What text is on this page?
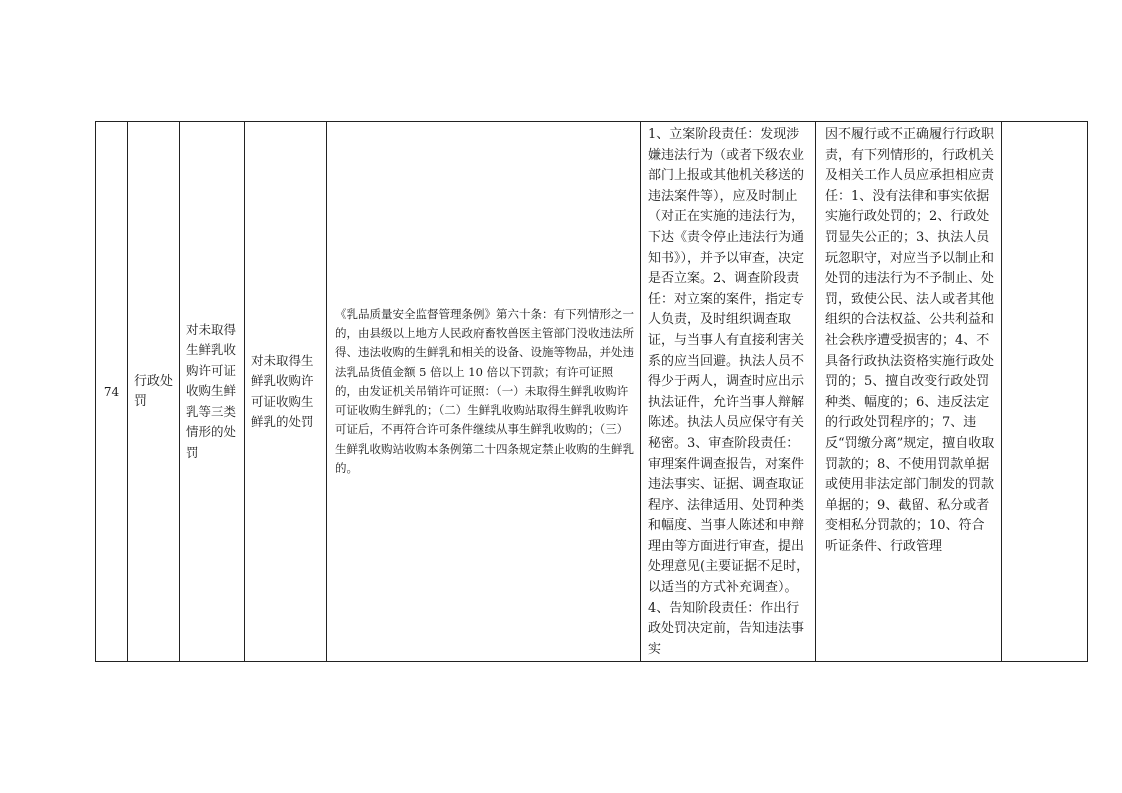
74

行政处罚

对未取得生鲜乳收购许可证收购生鲜乳等三类情形的处罚

对未取得生鲜乳收购许可证收购生鲜乳的处罚

《乳品质量安全监督管理条例》第六十条：有下列情形之一的，由县级以上地方人民政府畜牧兽医主管部门没收违法所得、违法收购的生鲜乳和相关的设备、设施等物品，并处违法乳品货值金额 5 倍以上 10 倍以下罚款；有许可证照的，由发证机关吊销许可证照：（一）未取得生鲜乳收购许可证收购生鲜乳的；（二）生鲜乳收购站取得生鲜乳收购许可证后，不再符合许可条件继续从事生鲜乳收购的；（三）生鲜乳收购站收购本条例第二十四条规定禁止收购的生鲜乳的。

1、立案阶段责任：发现涉嫌违法行为（或者下级农业部门上报或其他机关移送的违法案件等），应及时制止（对正在实施的违法行为，下达《责令停止违法行为通知书》），并予以审查，决定是否立案。2、调查阶段责任：对立案的案件，指定专人负责，及时组织调查取证，与当事人有直接利害关系的应当回避。执法人员不得少于两人，调查时应出示执法证件，允许当事人辩解陈述。执法人员应保守有关秘密。3、审查阶段责任：审理案件调查报告，对案件违法事实、证据、调查取证程序、法律适用、处罚种类和幅度、当事人陈述和申辩理由等方面进行审查，提出处理意见(主要证据不足时，以适当的方式补充调查）。4、告知阶段责任：作出行政处罚决定前，告知违法事实

因不履行或不正确履行行政职责，有下列情形的，行政机关及相关工作人员应承担相应责任：1、没有法律和事实依据实施行政处罚的；2、行政处罚显失公正的；3、执法人员玩忽职守，对应当予以制止和处罚的违法行为不予制止、处罚，致使公民、法人或者其他组织的合法权益、公共利益和社会秩序遭受损害的；4、不具备行政执法资格实施行政处罚的；5、擅自改变行政处罚种类、幅度的；6、违反法定的行政处罚程序的；7、违反“罚缴分离”规定，擅自收取罚款的；8、不使用罚款单据或使用非法定部门制发的罚款单据的；9、截留、私分或者变相私分罚款的；10、符合听证条件、行政管理
